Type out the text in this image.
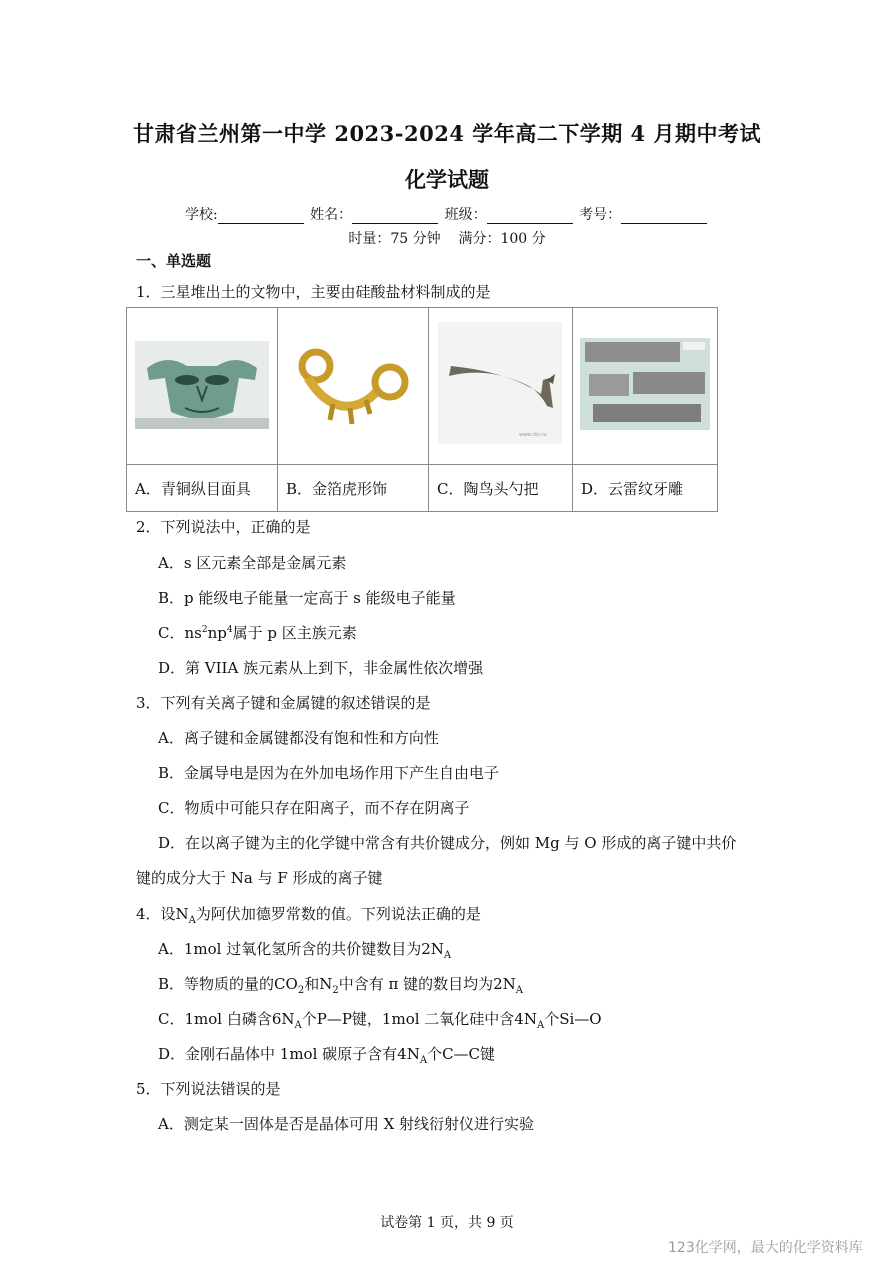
甘肃省兰州第一中学 2023-2024 学年高二下学期 4 月期中考试
化学试题
学校:	姓名：	班级：	考号：
时量：75 分钟    满分：100 分
一、单选题
1．三星堆出土的文物中，主要由硅酸盐材料制成的是

www.cbi.ru

A．青铜纵目面具	B．金箔虎形饰	C．陶鸟头勺把	D．云雷纹牙雕
2．下列说法中，正确的是
A．s 区元素全部是金属元素
B．p 能级电子能量一定高于 s 能级电子能量
C．$ns^2np^4$属于 p 区主族元素
D．第 VIIA 族元素从上到下，非金属性依次增强
3．下列有关离子键和金属键的叙述错误的是
A．离子键和金属键都没有饱和性和方向性
B．金属导电是因为在外加电场作用下产生自由电子
C．物质中可能只存在阳离子，而不存在阴离子
D．在以离子键为主的化学键中常含有共价键成分，例如 Mg 与 O 形成的离子键中共价
键的成分大于 Na 与 F 形成的离子键
4．设$N_A$为阿伏加德罗常数的值。下列说法正确的是
A．1mol 过氧化氢所含的共价键数目为$2N_A$
B．等物质的量的$CO_2$和$N_2$中含有 π 键的数目均为$2N_A$
C．1mol 白磷含$6N_A$个P—P键，1mol 二氧化硅中含$4N_A$个Si—O
D．金刚石晶体中 1mol 碳原子含有$4N_A$个C—C键
5．下列说法错误的是
A．测定某一固体是否是晶体可用 X 射线衍射仪进行实验
试卷第 1 页，共 9 页
123化学网，最大的化学资料库
